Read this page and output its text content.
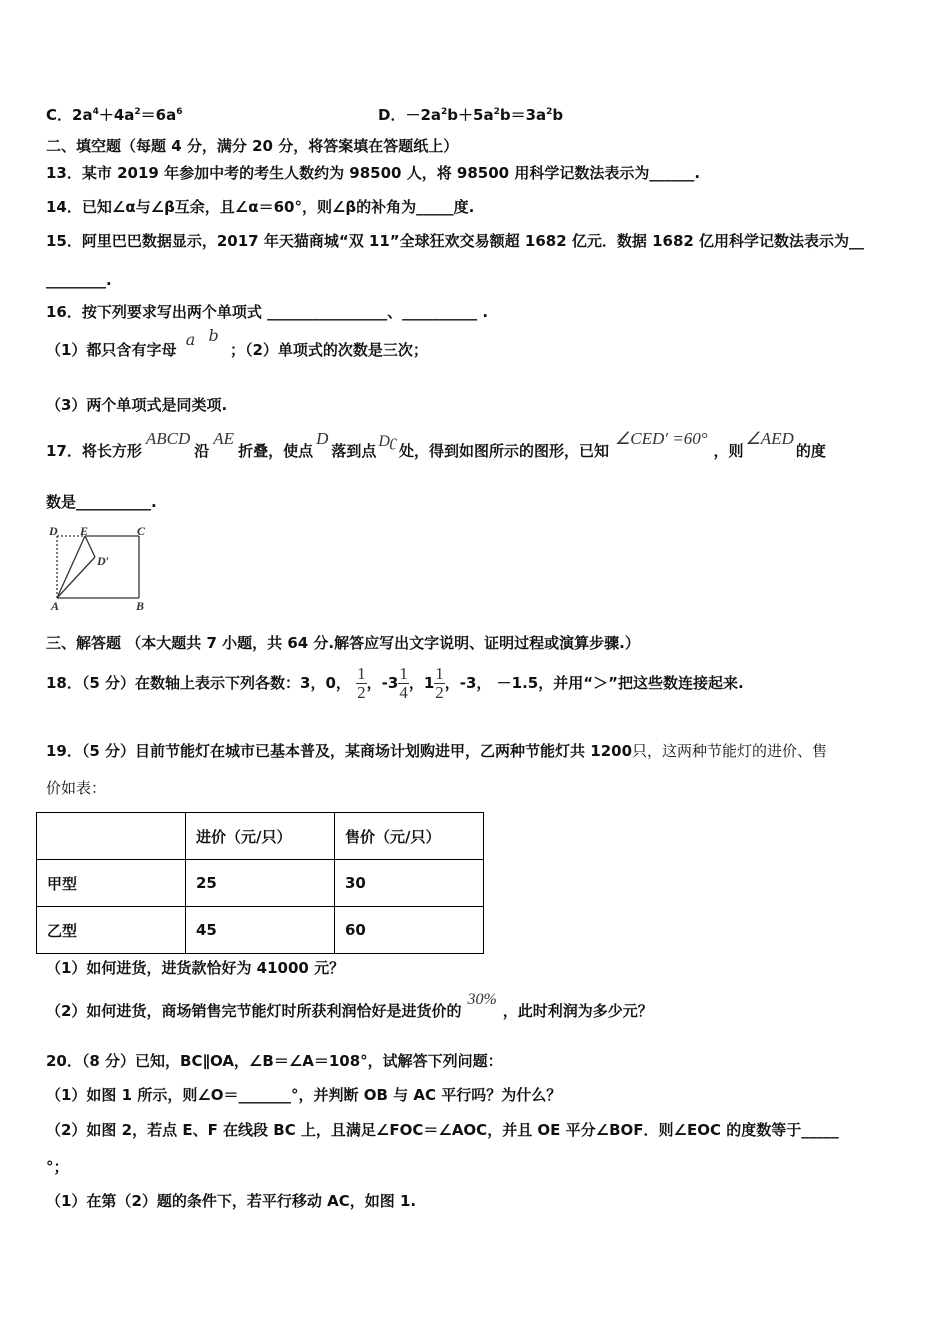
C．$2a^4+4a^2=6a^6$	D．$-2a^2b+5a^2b=3a^2b$
二、填空题（每题 4 分，满分 20 分，将答案填在答题纸上）
13．某市 2019 年参加中考的考生人数约为 98500 人，将 98500 用科学记数法表示为______.
14．已知∠α与∠β互余，且∠α＝60°，则∠β的补角为_____度.
15．阿里巴巴数据显示，2017 年天猫商城“双 11”全球狂欢交易额超 1682 亿元．数据 1682 亿用科学记数法表示为__
________.
16．按下列要求写出两个单项式 ________________、__________ .
（1）都只含有字母 a b ；（2）单项式的次数是三次；
（3）两个单项式是同类项.
17．将长方形ABCD沿AE折叠，使点D落到点Dʗ处，得到如图所示的图形，已知∠CED′ =60°，则∠AED的度
数是__________.
D E	C
D′
A	B
三、解答题 （本大题共 7 小题，共 64 分.解答应写出文字说明、证明过程或演算步骤.）
18．（5 分）在数轴上表示下列各数：3，0， $\frac{1}{2}$ ，$-3 \frac{1}{4}$ ，$1 \frac{1}{2}$ ，-3， －1.5，并用“＞”把这些数连接起来.
19．（5 分）目前节能灯在城市已基本普及，某商场计划购进甲，乙两种节能灯共 1200只，这两种节能灯的进价、售
价如表：
	进价（元/只）	售价（元/只）
甲型	25	30
乙型	45	60
（1）如何进货，进货款恰好为 41000 元？
（2）如何进货，商场销售完节能灯时所获利润恰好是进货价的30%，此时利润为多少元？
20．（8 分）已知，BC∥OA，∠B＝∠A＝108°，试解答下列问题：
（1）如图 1 所示，则∠O＝_______°，并判断 OB 与 AC 平行吗？为什么？
（2）如图 2，若点 E、F 在线段 BC 上，且满足∠FOC＝∠AOC，并且 OE 平分∠BOF．则∠EOC 的度数等于_____
°；
（1）在第（2）题的条件下，若平行移动 AC，如图 1.
